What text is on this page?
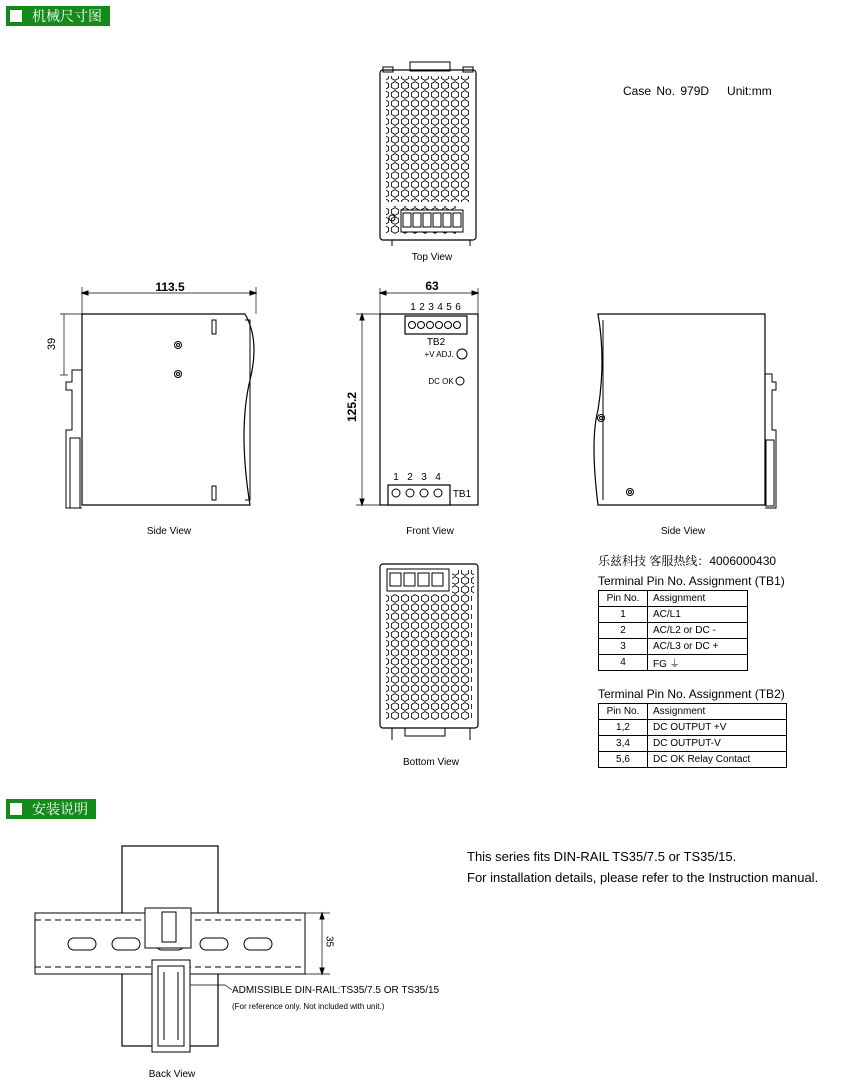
机械尺寸图
安装说明
Case No. 979D Unit:mm
Top View
Side View	Front View	Side View
Bottom View
Back View
113.5
39
63
125.2
35
1 2 3 4 5 6
TB2
+V ADJ.
DC OK
1 2 3 4
TB1
乐兹科技 客服热线：4006000430
Terminal Pin No. Assignment (TB1)
Pin No.	Assignment
1	AC/L1
2	AC/L2 or DC -
3	AC/L3 or DC +
4	FG ⏚
Terminal Pin No. Assignment (TB2)
Pin No.	Assignment
1,2	DC OUTPUT +V
3,4	DC OUTPUT-V
5,6	DC OK Relay Contact
This series fits DIN-RAIL TS35/7.5 or TS35/15.
For installation details, please refer to the Instruction manual.
ADMISSIBLE DIN-RAIL:TS35/7.5 OR TS35/15
(For reference only. Not included with unit.)
